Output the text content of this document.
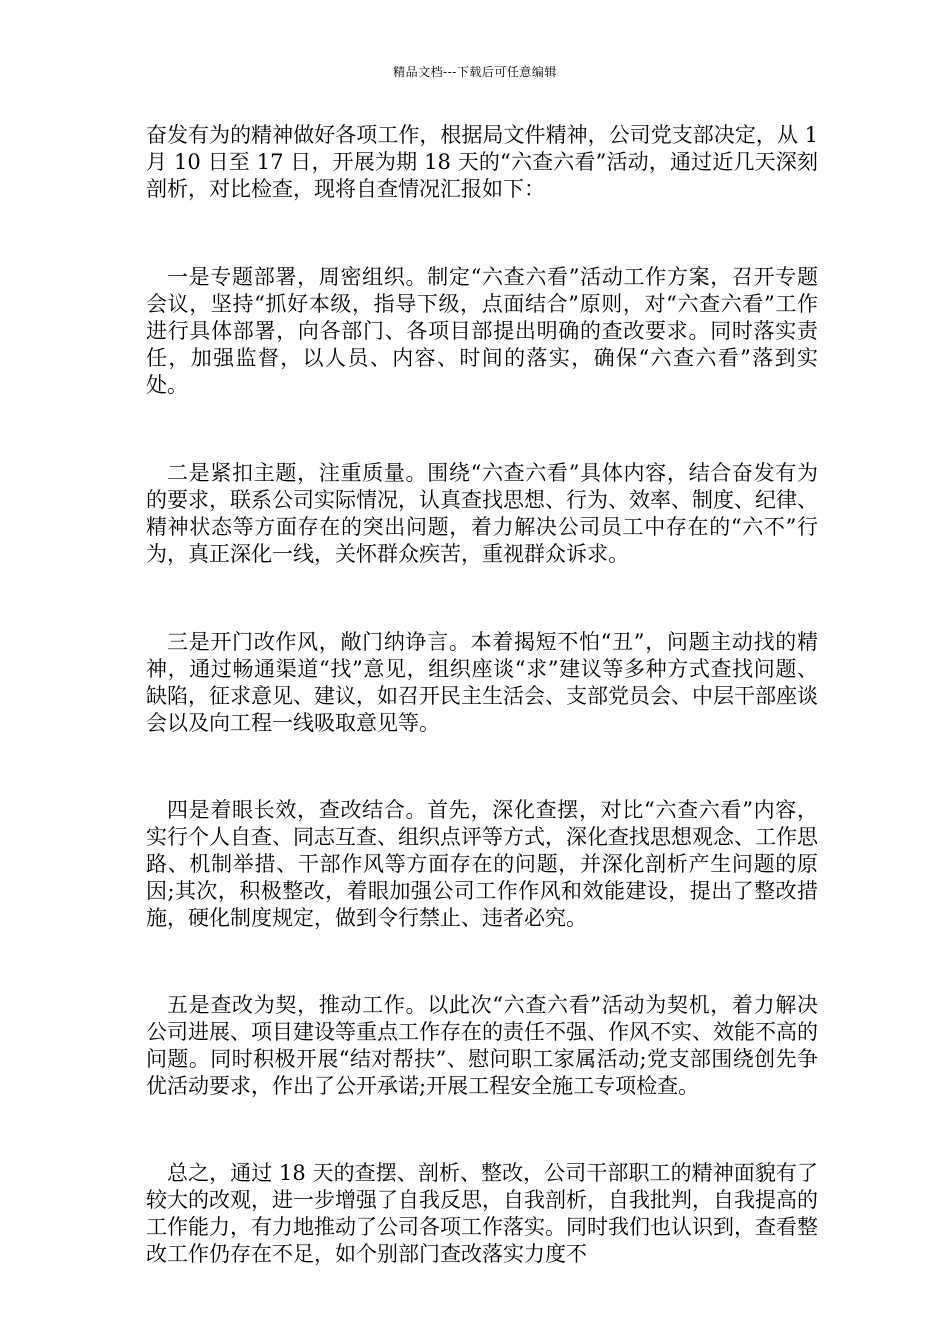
精品文档---下载后可任意编辑

奋发有为的精神做好各项工作，根据局文件精神，公司党支部决定，从 1 月 10 日至 17 日，开展为期 18 天的“六查六看”活动，通过近几天深刻剖析，对比检查，现将自查情况汇报如下：

一是专题部署，周密组织。制定“六查六看”活动工作方案，召开专题会议，坚持“抓好本级，指导下级，点面结合”原则，对“六查六看”工作进行具体部署，向各部门、各项目部提出明确的查改要求。同时落实责任，加强监督，以人员、内容、时间的落实，确保“六查六看”落到实处。

二是紧扣主题，注重质量。围绕“六查六看”具体内容，结合奋发有为的要求，联系公司实际情况，认真查找思想、行为、效率、制度、纪律、精神状态等方面存在的突出问题，着力解决公司员工中存在的“六不”行为，真正深化一线，关怀群众疾苦，重视群众诉求。

三是开门改作风，敞门纳诤言。本着揭短不怕“丑”，问题主动找的精神，通过畅通渠道“找”意见，组织座谈“求”建议等多种方式查找问题、缺陷，征求意见、建议，如召开民主生活会、支部党员会、中层干部座谈会以及向工程一线吸取意见等。

四是着眼长效，查改结合。首先，深化查摆，对比“六查六看”内容，实行个人自查、同志互查、组织点评等方式，深化查找思想观念、工作思路、机制举措、干部作风等方面存在的问题，并深化剖析产生问题的原因;其次，积极整改，着眼加强公司工作作风和效能建设，提出了整改措施，硬化制度规定，做到令行禁止、违者必究。

五是查改为契，推动工作。以此次“六查六看”活动为契机，着力解决公司进展、项目建设等重点工作存在的责任不强、作风不实、效能不高的问题。同时积极开展“结对帮扶”、慰问职工家属活动;党支部围绕创先争优活动要求，作出了公开承诺;开展工程安全施工专项检查。

总之，通过 18 天的查摆、剖析、整改，公司干部职工的精神面貌有了较大的改观，进一步增强了自我反思，自我剖析，自我批判，自我提高的工作能力，有力地推动了公司各项工作落实。同时我们也认识到，查看整改工作仍存在不足，如个别部门查改落实力度不
